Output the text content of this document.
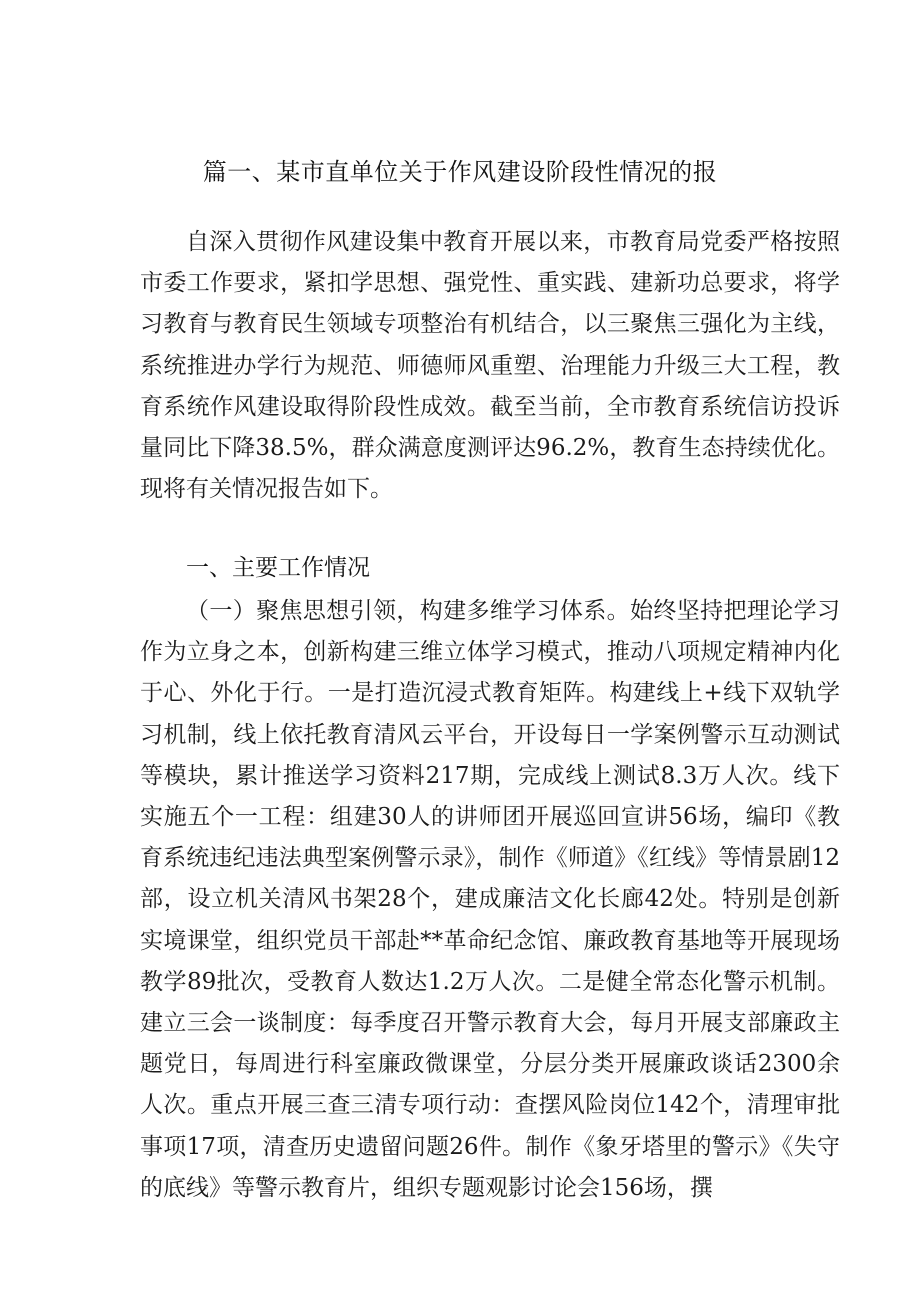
篇一、某市直单位关于作风建设阶段性情况的报

自深入贯彻作风建设集中教育开展以来，市教育局党委严格按照市委工作要求，紧扣学思想、强党性、重实践、建新功总要求，将学习教育与教育民生领域专项整治有机结合，以三聚焦三强化为主线，系统推进办学行为规范、师德师风重塑、治理能力升级三大工程，教育系统作风建设取得阶段性成效。截至当前，全市教育系统信访投诉量同比下降38.5%，群众满意度测评达96.2%，教育生态持续优化。现将有关情况报告如下。

一、主要工作情况

（一）聚焦思想引领，构建多维学习体系。始终坚持把理论学习作为立身之本，创新构建三维立体学习模式，推动八项规定精神内化于心、外化于行。一是打造沉浸式教育矩阵。构建线上+线下双轨学习机制，线上依托教育清风云平台，开设每日一学案例警示互动测试等模块，累计推送学习资料217期，完成线上测试8.3万人次。线下实施五个一工程：组建30人的讲师团开展巡回宣讲56场，编印《教育系统违纪违法典型案例警示录》，制作《师道》《红线》等情景剧12部，设立机关清风书架28个，建成廉洁文化长廊42处。特别是创新实境课堂，组织党员干部赴**革命纪念馆、廉政教育基地等开展现场教学89批次，受教育人数达1.2万人次。二是健全常态化警示机制。建立三会一谈制度：每季度召开警示教育大会，每月开展支部廉政主题党日，每周进行科室廉政微课堂，分层分类开展廉政谈话2300余人次。重点开展三查三清专项行动：查摆风险岗位142个，清理审批事项17项，清查历史遗留问题26件。制作《象牙塔里的警示》《失守的底线》等警示教育片，组织专题观影讨论会156场，撰
